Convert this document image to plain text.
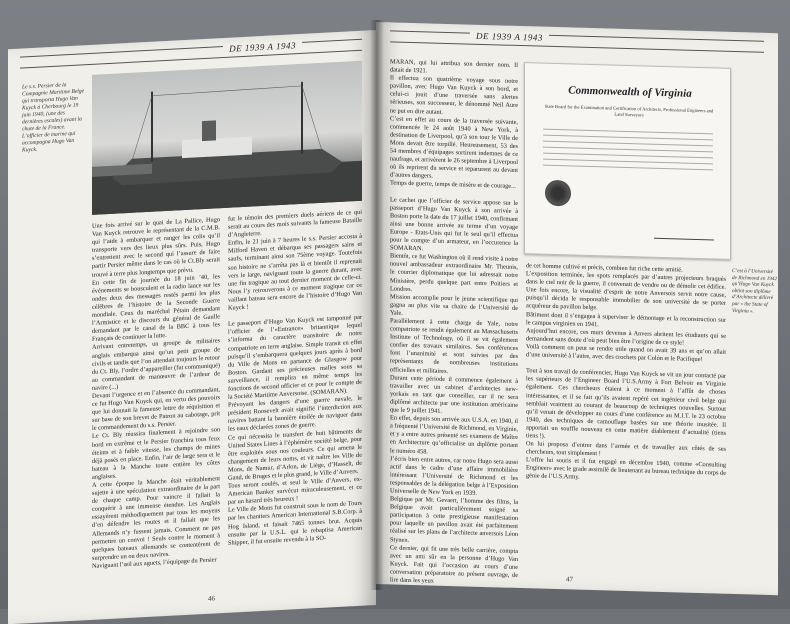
DE 1939 A 1943
Le s.s. Persier de la Compagnie Maritime Belge qui transporta Hugo Van Kuyck à Cherbourg le 19 juin 1940, (une des dernières escales) avant la chute de la France. L’officier de marine qui accompagna Hugo Van Kuyck.
Une fois arrivé sur le quai de La Pallice, Hugo Van Kuyck retrouve le représentant de la C.M.B. qui l’aide à embarquer et ranger les colis qu’il transporte vers des lieux plus sûrs. Puis, Hugo s’entretient avec le second qui l’assure de faire partir Persier même dans le cas où le Ct.Bly serait trouvé à terre plus longtemps que prévu.
En cette fin de journée du 18 juin ’40, les événements se bousculent et la radio lance sur les ondes deux des messages restés parmi les plus célèbres de l’histoire de la Seconde Guerre mondiale. Ceux du maréchal Pétain demandant l’Armistice et le discours du général de Gaulle demandant par le canal de la BBC à tous les Français de continuer la lutte.
Arrivant entretemps, un groupe de militaires anglais embarqua ainsi qu’un petit groupe de civils et tandis que l’on attendait toujours le retour du Ct. Bly, l’ordre d’appareiller (fut communiqué) au commandant de manœuvre de l’ardeur de navire (...)
Devant l’urgence et en l’absence du commandant, ce fut Hugo Van Kuyck qui, en vertu des pouvoirs que lui donnait la fameuse lettre de réquisition et sur base de son brevet de Patron au cabotage, prit le commandement du s.s. Persier.
Le Ct. Bly réussira finalement à rejoindre son bord en extrême et le Persier franchira tous feux éteints et à faible vitesse, les champs de mines déjà posés en place. Enfin, l’air de large sera et le bateau à la Manche toute entière les côtes anglaises.
A cette époque la Manche était véritablement sujette à une spéculation extraordinaire de la part de chaque camp. Pour vaincre il fallait la conquérir à une immense étendue. Les Anglais essayèrent méthodiquement par tous les moyens d’en défendre les routes et il fallait que les Allemands n’y fussent jamais. Comment ne pas permettre un convoi ! Seuls contre le moment à quelques bateaux allemands se contentèrent de surprendre un ou deux navires.
Naviguant l’œil aux aguets, l’équipage du Persier
fut le témoin des premiers duels aériens de ce qui serait au cours des mois suivants la fameuse Bataille d’Angleterre.
Enfin, le 21 juin à 7 heures le s.s. Persier accosta à Milford Haven et débarqua ses passagers sains et saufs, terminant ainsi son 75ème voyage. Toutefois son histoire ne s’arrêta pas là et bientôt il reprenait vers le large, naviguant toute la guerre durant, avec une fin tragique au tout dernier moment de celle-ci. Nous l’y retrouverons à ce moment tragique car ce vaillant bateau sera encore de l’histoire d’Hugo Van Kuyck !

Le passeport d’Hugo Van Kuyck est tamponné par l’officier de l’«Entrance» britannique lequel s’informa du caractère transitoire de notre compatriote en terre anglaise. Simple transit en effet puisqu’il s’embarquera quelques jours après à bord du Ville de Mons en partance de Glasgow pour Boston. Gardant ses précieuses malles sous sa surveillance, il remplira en même temps les fonctions de second officier et ce pour le compte de la Société Maritime Anversoise. (SOMARAN).
Prévoyant les dangers d’une guerre navale, le président Roosevelt avait signifié l’interdiction aux navires battant la bannière étoilée de naviguer dans les eaux déclarées zones de guerre.
Ce qui nécessita le transfert de huit bâtiments de United States Lines à l’éphémère société belge, pour être exploités sous nos couleurs. Ce qui amena le changement de leurs noms, et vit naître les Ville de Mons, de Namur, d’Arlon, de Liège, d’Hasselt, de Gand, de Bruges et le plus grand, le Ville d’Anvers.
Tous seront coulés, et seul le Ville d’Anvers, ex-American Banker survécut miraculeusement, et ce par un hasard très heureux !
Le Ville de Mons fut construit sous le nom de Tours par les chantiers American International S.B.Corp. à Hog Island, et faisait 7465 tonnes brut. Acquis ensuite par la U.S.L. qui le rebaptisa American Shipper, il fut ensuite revendu à la SO-
46
DE 1939 A 1943
MARAN, qui lui attribua son dernier nom. Il datait de 1921.
Il effectua son quatrième voyage sous notre pavillon, avec Hugo Van Kuyck à son bord, et celui-ci jouit d’une traversée sans alertes sérieuses, son successeur, le dénommé Neil Aure ne put en dire autant.
C’est en effet au cours de la traversée suivante, commencée le 24 août 1940 à New York, à destination de Liverpool, qu’à son tour le Ville de Mons devait être torpillé. Heureusement, 53 des 54 membres d’équipages sortirent indemnes de ce naufrage, et arrivèrent le 26 septembre à Liverpool où ils reprirent du service et reparurent au devant d’autres dangers.
Temps de guerre, temps de misère et de courage...

Le cachet que l’officier de service appose sur le passeport d’Hugo Van Kuyck à son arrivée à Boston porte la date du 17 juillet 1940, confirmant ainsi une bonne arrivée au terme d’un voyage Europe - Etats-Unis qui fut le seul qu’il effectua pour le compte d’un armateur, en l’occurence la SOMARAN.
Bientôt, ce fut Washington où il rend visite à notre nouvel ambassadeur extraordinaire Mr. Theunis, le courrier diplomatique que lui adressait notre Ministère, perdu quelque part entre Poitiers et Londres.
Mission accomplie pour le jeune scientifique qui gagna au plus vite sa chaire de l’Université de Yale.
Parallèlement à cette charge de Yale, notre compatriote se rendit également au Massachusetts Institute of Technology, où il se vit également confier des travaux similaires. Ses conférences font l’unanimité et sont suivies par des représentants de nombreuses institutions officielles et militaires.
Durant cette période il commence également à travailler avec un cabinet d’architectes new-yorkais en tant que conseiller, car il ne sera diplômé architecte par une institution américaine que le 9 juillet 1941.
En effet, depuis son arrivée aux U.S.A. en 1940, il a fréquenté l’Université de Richmond, en Virginie, et y a entre autres présenté ses examens de Maître en Architecture qu’officialise un diplôme portant le numéro 458.
J’écris bien entre autres, car notre Hugo sera aussi actif dans le cadre d’une affaire immobilière intéressant l’Université de Richmond et les responsables de la délégation belge à l’Exposition Universelle de New York en 1939.
Belgique par Mr. Gevaert, l’homme des films, la Belgique avait particulièrement soigné sa participation à cette prestigieuse manifestation pour laquelle un pavillon avait été parfaitement réalisé sur les plans de l’architecte anversois Léon Stynen.
Ce dernier, qui fit une très belle carrière, compta avec un ami sûr en la personne d’Hugo Van Kuyck. Fait qui l’occasion au cours d’une conversation préparatoire au présent ouvrage, de lire dans les yeux
Commonwealth of Virginia
State Board for the Examination and Certification of Architects, Professional Engineers and Land Surveyors
C’est à l’Université de Richmond en 1942 qu’Hugo Van Kuyck obtint son diplôme d’Architecte délivré par « the State of Virginia ».
de cet homme cultivé et précis, combien fut riche cette amitié.
L’exposition terminée, les spots remplacés par d’autres projecteurs braqués dans le ciel noir de la guerre, il convenait de vendre ou de démolir cet édifice. Une fois encore, la visualité d’esprit de notre Anversois servit notre cause, puisqu’il décida le responsable immobilier de son université de se porter acquéreur du pavillon belge.
Bâtiment dont il s’engagea à superviser le démontage et la reconstruction sur le campus virginien en 1941.
Aujourd’hui encore, ces murs devenus à Anvers abritent les étudiants qui se demandent sans doute d’où peut bien être l’origine de ce style!
Voilà comment on peut se rendre utile quand on avait 39 ans et qu’on allait d’une université à l’autre, avec des crochets par Colón et le Pacifique!

Tout à son travail de conférencier, Hugo Van Kuyck se vit un jour contacté par les supérieurs de l’Engineer Board l’U.S.Army à Fort Belvoir en Virginie également. Ces chercheurs étaient à ce moment à l’affût de choses intéressantes, et il se fait qu’ils avaient repéré cet ingénieur civil belge qui semblait vraiment au courant de beaucoup de techniques nouvelles. Surtout qu’il venait de développer au cours d’une conférence au M.I.T. le 23 octobre 1940, des techniques de camouflage basées sur une théorie inusitée. Il apportait un souffle nouveau en cette matière diablement d’actualité (tiens tiens !).
On lui proposa d’entrer dans l’armée et de travailler aux côtés de ses chercheurs, tout simplement !
L’offre lui souris et il fut engagé en décembre 1940, comme «Consulting Engineer» avec le grade assimilé de lieutenant au bureau technique du corps de génie de l’U.S.Army.
47
